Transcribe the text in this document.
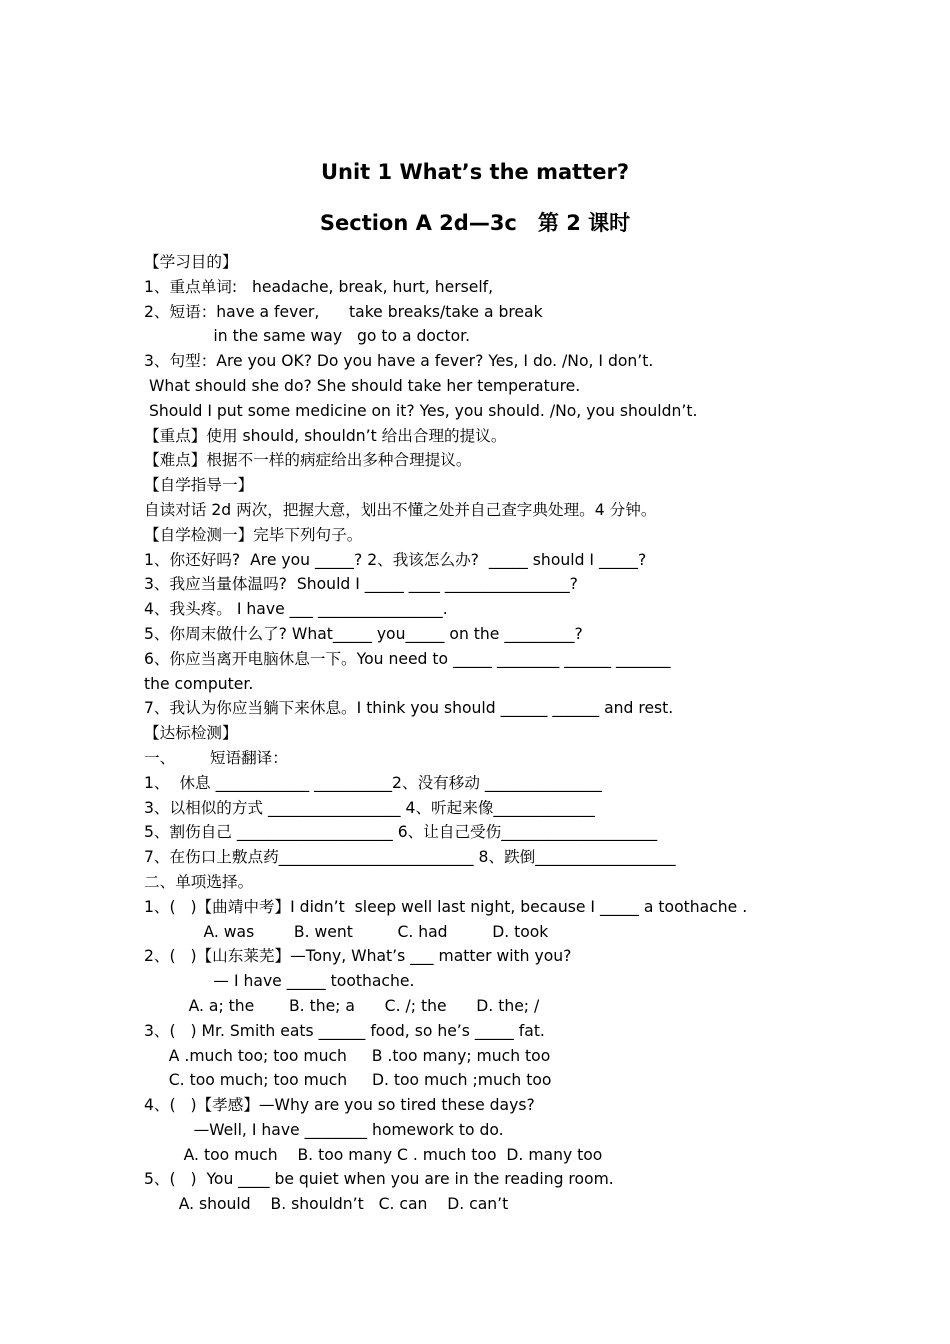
Unit 1 What’s the matter?
Section A 2d—3c　第 2 课时
【学习目的】
1、重点单词:   headache, break, hurt, herself,
2、短语：have a fever,      take breaks/take a break
in the same way   go to a doctor.
3、句型：Are you OK? Do you have a fever? Yes, I do. /No, I don’t.
What should she do? She should take her temperature.
Should I put some medicine on it? Yes, you should. /No, you shouldn’t.
【重点】使用 should, shouldn’t 给出合理的提议。
【难点】根据不一样的病症给出多种合理提议。
【自学指导一】
自读对话 2d 两次，把握大意，划出不懂之处并自己查字典处理。4 分钟。
【自学检测一】完毕下列句子。
1、你还好吗?  Are you _____? 2、我该怎么办?  _____ should I _____?
3、我应当量体温吗?  Should I _____ ____ ________________?
4、我头疼。 I have ___ ________________.
5、你周末做什么了? What_____ you_____ on the _________?
6、你应当离开电脑休息一下。You need to _____ ________ ______ _______
the computer.
7、我认为你应当躺下来休息。I think you should ______ ______ and rest.
【达标检测】
一、       短语翻译：
1、  休息 ____________ __________2、没有移动 _______________
3、以相似的方式 _________________ 4、听起来像_____________
5、割伤自己 ____________________ 6、让自己受伤____________________
7、在伤口上敷点药_________________________ 8、跌倒__________________
二、单项选择。
1、(   )【曲靖中考】I didn’t  sleep well last night, because I _____ a toothache .
A. was        B. went         C. had         D. took
2、(   )【山东莱芜】—Tony, What’s ___ matter with you?
— I have _____ toothache.
A. a; the       B. the; a      C. /; the      D. the; /
3、(   ) Mr. Smith eats ______ food, so he’s _____ fat.
A .much too; too much     B .too many; much too
C. too much; too much     D. too much ;much too
4、(   )【孝感】—Why are you so tired these days?
—Well, I have ________ homework to do.
A. too much    B. too many C . much too  D. many too
5、(   )  You ____ be quiet when you are in the reading room.
A. should    B. shouldn’t   C. can    D. can’t
